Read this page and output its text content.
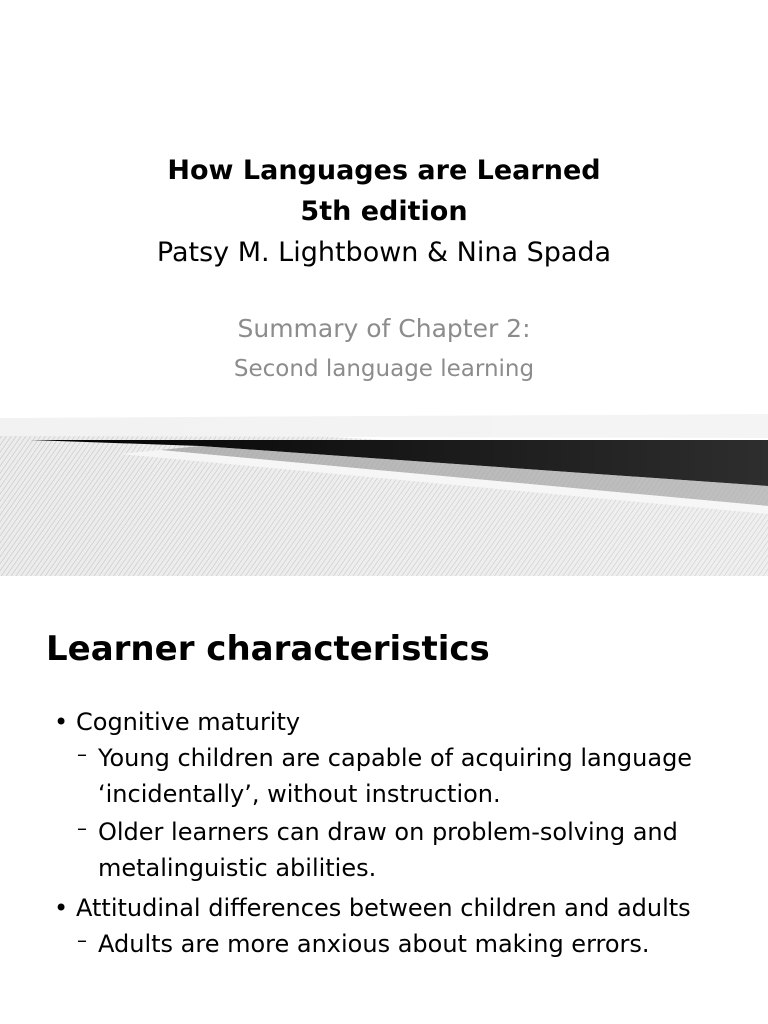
How Languages are Learned

5th edition

Patsy M. Lightbown & Nina Spada

Summary of Chapter 2:

Second language learning

Learner characteristics
• Cognitive maturity
– Young children are capable of acquiring language ‘incidentally’, without instruction.
– Older learners can draw on problem-solving and metalinguistic abilities.
• Attitudinal differences between children and adults
– Adults are more anxious about making errors.
